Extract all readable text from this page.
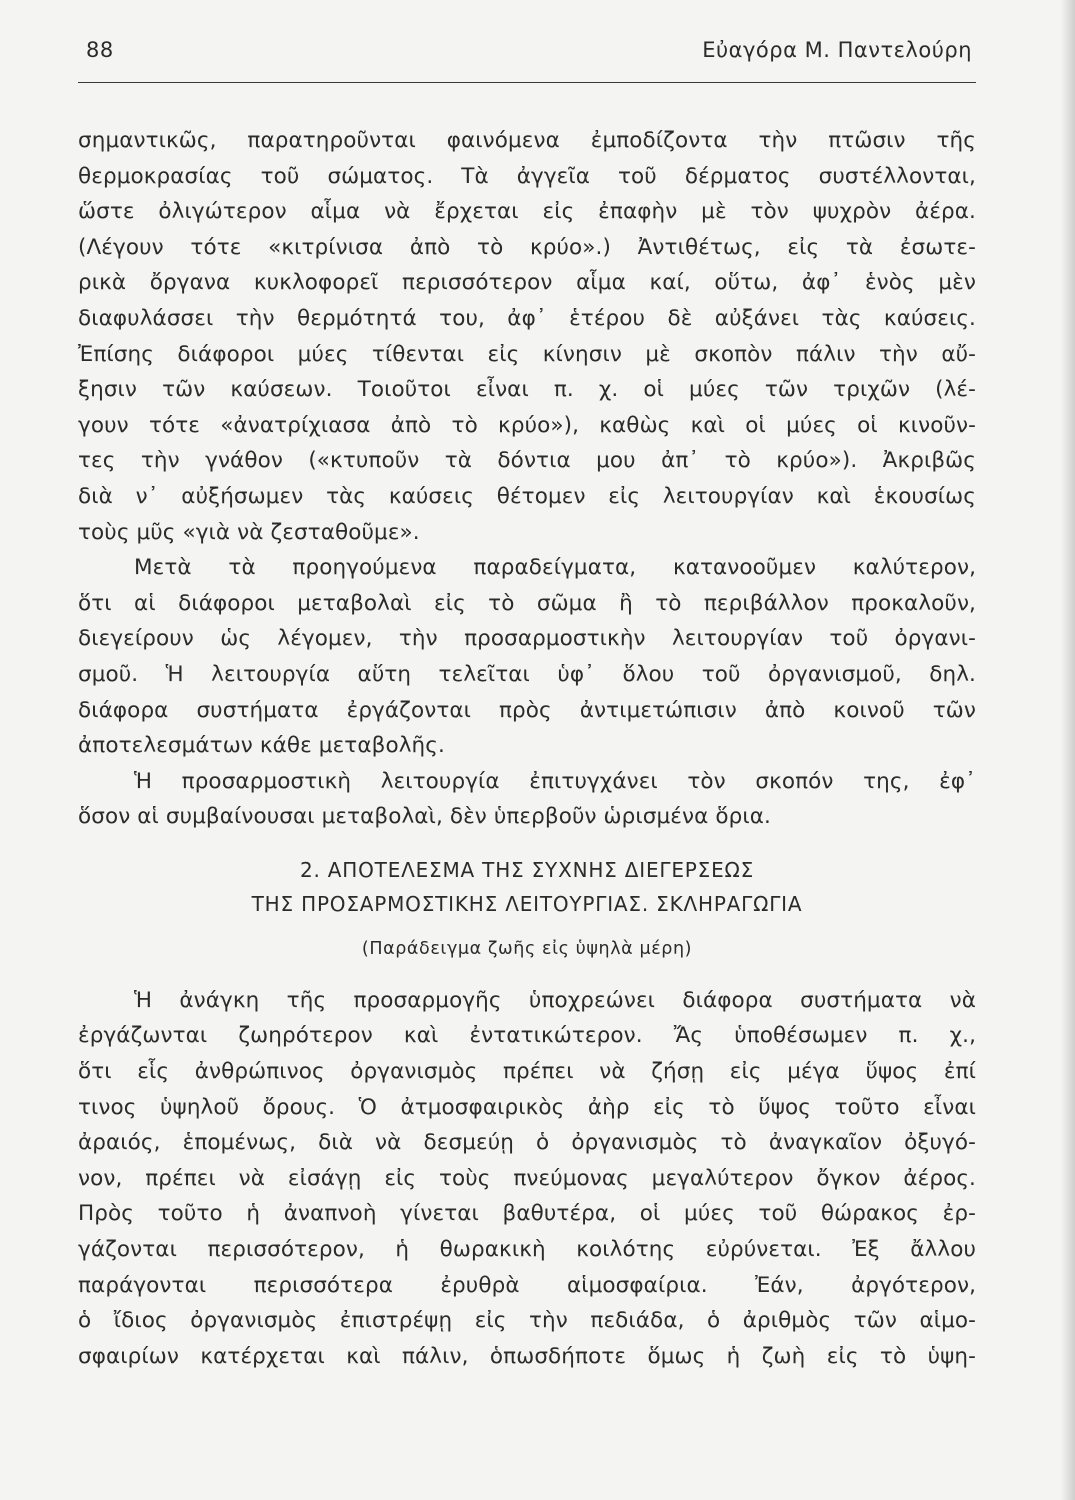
88	Εὐαγόρα Μ. Παντελούρη
σημαντικῶς, παρατηροῦνται φαινόμενα ἐμποδίζοντα τὴν πτῶσιν τῆς
θερμοκρασίας τοῦ σώματος. Τὰ ἀγγεῖα τοῦ δέρματος συστέλλονται,
ὥστε ὀλιγώτερον αἷμα νὰ ἔρχεται εἰς ἐπαφὴν μὲ τὸν ψυχρὸν ἀέρα.
(Λέγουν τότε «κιτρίνισα ἀπὸ τὸ κρύο».) Ἀντιθέτως, εἰς τὰ ἐσωτε-
ρικὰ ὄργανα κυκλοφορεῖ περισσότερον αἷμα καί, οὕτω, ἀφ᾽ ἑνὸς μὲν
διαφυλάσσει τὴν θερμότητά του, ἀφ᾽ ἑτέρου δὲ αὐξάνει τὰς καύσεις.
Ἐπίσης διάφοροι μύες τίθενται εἰς κίνησιν μὲ σκοπὸν πάλιν τὴν αὔ-
ξησιν τῶν καύσεων. Τοιοῦτοι εἶναι π. χ. οἱ μύες τῶν τριχῶν (λέ-
γουν τότε «ἀνατρίχιασα ἀπὸ τὸ κρύο»), καθὼς καὶ οἱ μύες οἱ κινοῦν-
τες τὴν γνάθον («κτυποῦν τὰ δόντια μου ἀπ᾽ τὸ κρύο»). Ἀκριβῶς
διὰ ν᾽ αὐξήσωμεν τὰς καύσεις θέτομεν εἰς λειτουργίαν καὶ ἑκουσίως
τοὺς μῦς «γιὰ νὰ ζεσταθοῦμε».
Μετὰ τὰ προηγούμενα παραδείγματα, κατανοοῦμεν καλύτερον,
ὅτι αἱ διάφοροι μεταβολαὶ εἰς τὸ σῶμα ἢ τὸ περιβάλλον προκαλοῦν,
διεγείρουν ὡς λέγομεν, τὴν προσαρμοστικὴν λειτουργίαν τοῦ ὀργανι-
σμοῦ. Ἡ λειτουργία αὕτη τελεῖται ὑφ᾽ ὅλου τοῦ ὀργανισμοῦ, δηλ.
διάφορα συστήματα ἐργάζονται πρὸς ἀντιμετώπισιν ἀπὸ κοινοῦ τῶν
ἀποτελεσμάτων κάθε μεταβολῆς.
Ἡ προσαρμοστικὴ λειτουργία ἐπιτυγχάνει τὸν σκοπόν της, ἐφ᾽
ὅσον αἱ συμβαίνουσαι μεταβολαὶ, δὲν ὑπερβοῦν ὡρισμένα ὅρια.
2. ΑΠΟΤΕΛΕΣΜΑ ΤΗΣ ΣΥΧΝΗΣ ΔΙΕΓΕΡΣΕΩΣ
ΤΗΣ ΠΡΟΣΑΡΜΟΣΤΙΚΗΣ ΛΕΙΤΟΥΡΓΙΑΣ. ΣΚΛΗΡΑΓΩΓΙΑ
(Παράδειγμα ζωῆς εἰς ὑψηλὰ μέρη)
Ἡ ἀνάγκη τῆς προσαρμογῆς ὑποχρεώνει διάφορα συστήματα νὰ
ἐργάζωνται ζωηρότερον καὶ ἐντατικώτερον. Ἄς ὑποθέσωμεν π. χ.,
ὅτι εἷς ἀνθρώπινος ὀργανισμὸς πρέπει νὰ ζήσῃ εἰς μέγα ὕψος ἐπί
τινος ὑψηλοῦ ὄρους. Ὁ ἀτμοσφαιρικὸς ἀὴρ εἰς τὸ ὕψος τοῦτο εἶναι
ἀραιός, ἑπομένως, διὰ νὰ δεσμεύῃ ὁ ὀργανισμὸς τὸ ἀναγκαῖον ὀξυγό-
νον, πρέπει νὰ εἰσάγῃ εἰς τοὺς πνεύμονας μεγαλύτερον ὄγκον ἀέρος.
Πρὸς τοῦτο ἡ ἀναπνοὴ γίνεται βαθυτέρα, οἱ μύες τοῦ θώρακος ἐρ-
γάζονται περισσότερον, ἡ θωρακικὴ κοιλότης εὐρύνεται. Ἐξ ἄλλου
παράγονται περισσότερα ἐρυθρὰ αἱμοσφαίρια. Ἐάν, ἀργότερον,
ὁ ἴδιος ὀργανισμὸς ἐπιστρέψῃ εἰς τὴν πεδιάδα, ὁ ἀριθμὸς τῶν αἱμο-
σφαιρίων κατέρχεται καὶ πάλιν, ὁπωσδήποτε ὅμως ἡ ζωὴ εἰς τὸ ὑψη-
